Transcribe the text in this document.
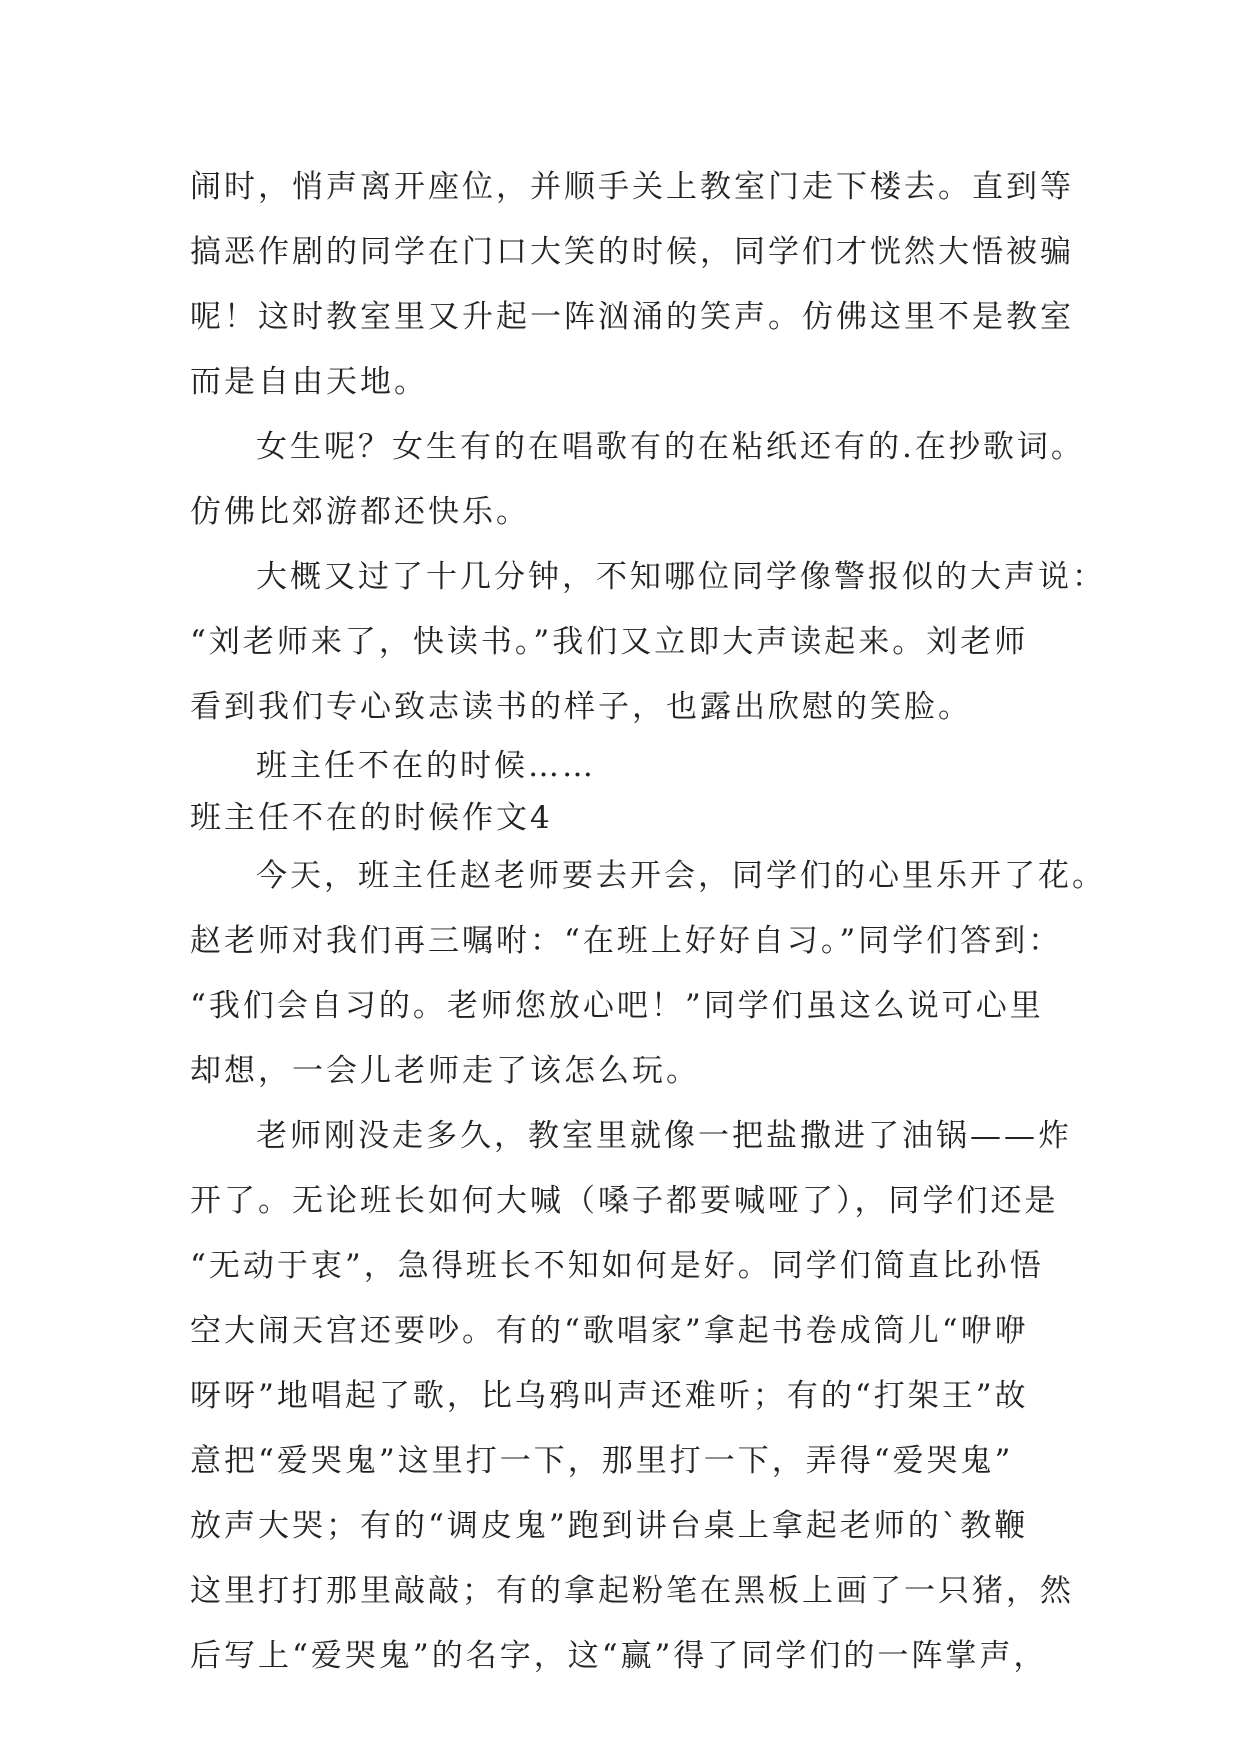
闹时，悄声离开座位，并顺手关上教室门走下楼去。直到等
搞恶作剧的同学在门口大笑的时候，同学们才恍然大悟被骗
呢！这时教室里又升起一阵汹涌的笑声。仿佛这里不是教室
而是自由天地。
女生呢？女生有的在唱歌有的在粘纸还有的.在抄歌词。
仿佛比郊游都还快乐。
大概又过了十几分钟，不知哪位同学像警报似的大声说：
“刘老师来了，快读书。”我们又立即大声读起来。刘老师
看到我们专心致志读书的样子，也露出欣慰的笑脸。
班主任不在的时候……
班主任不在的时候作文4
今天，班主任赵老师要去开会，同学们的心里乐开了花。
赵老师对我们再三嘱咐：“在班上好好自习。”同学们答到：
“我们会自习的。老师您放心吧！”同学们虽这么说可心里
却想，一会儿老师走了该怎么玩。
老师刚没走多久，教室里就像一把盐撒进了油锅——炸
开了。无论班长如何大喊（嗓子都要喊哑了），同学们还是
“无动于衷”，急得班长不知如何是好。同学们简直比孙悟
空大闹天宫还要吵。有的“歌唱家”拿起书卷成筒儿“咿咿
呀呀”地唱起了歌，比乌鸦叫声还难听；有的“打架王”故
意把“爱哭鬼”这里打一下，那里打一下，弄得“爱哭鬼”
放声大哭；有的“调皮鬼”跑到讲台桌上拿起老师的`教鞭
这里打打那里敲敲；有的拿起粉笔在黑板上画了一只猪，然
后写上“爱哭鬼”的名字，这“赢”得了同学们的一阵掌声，
